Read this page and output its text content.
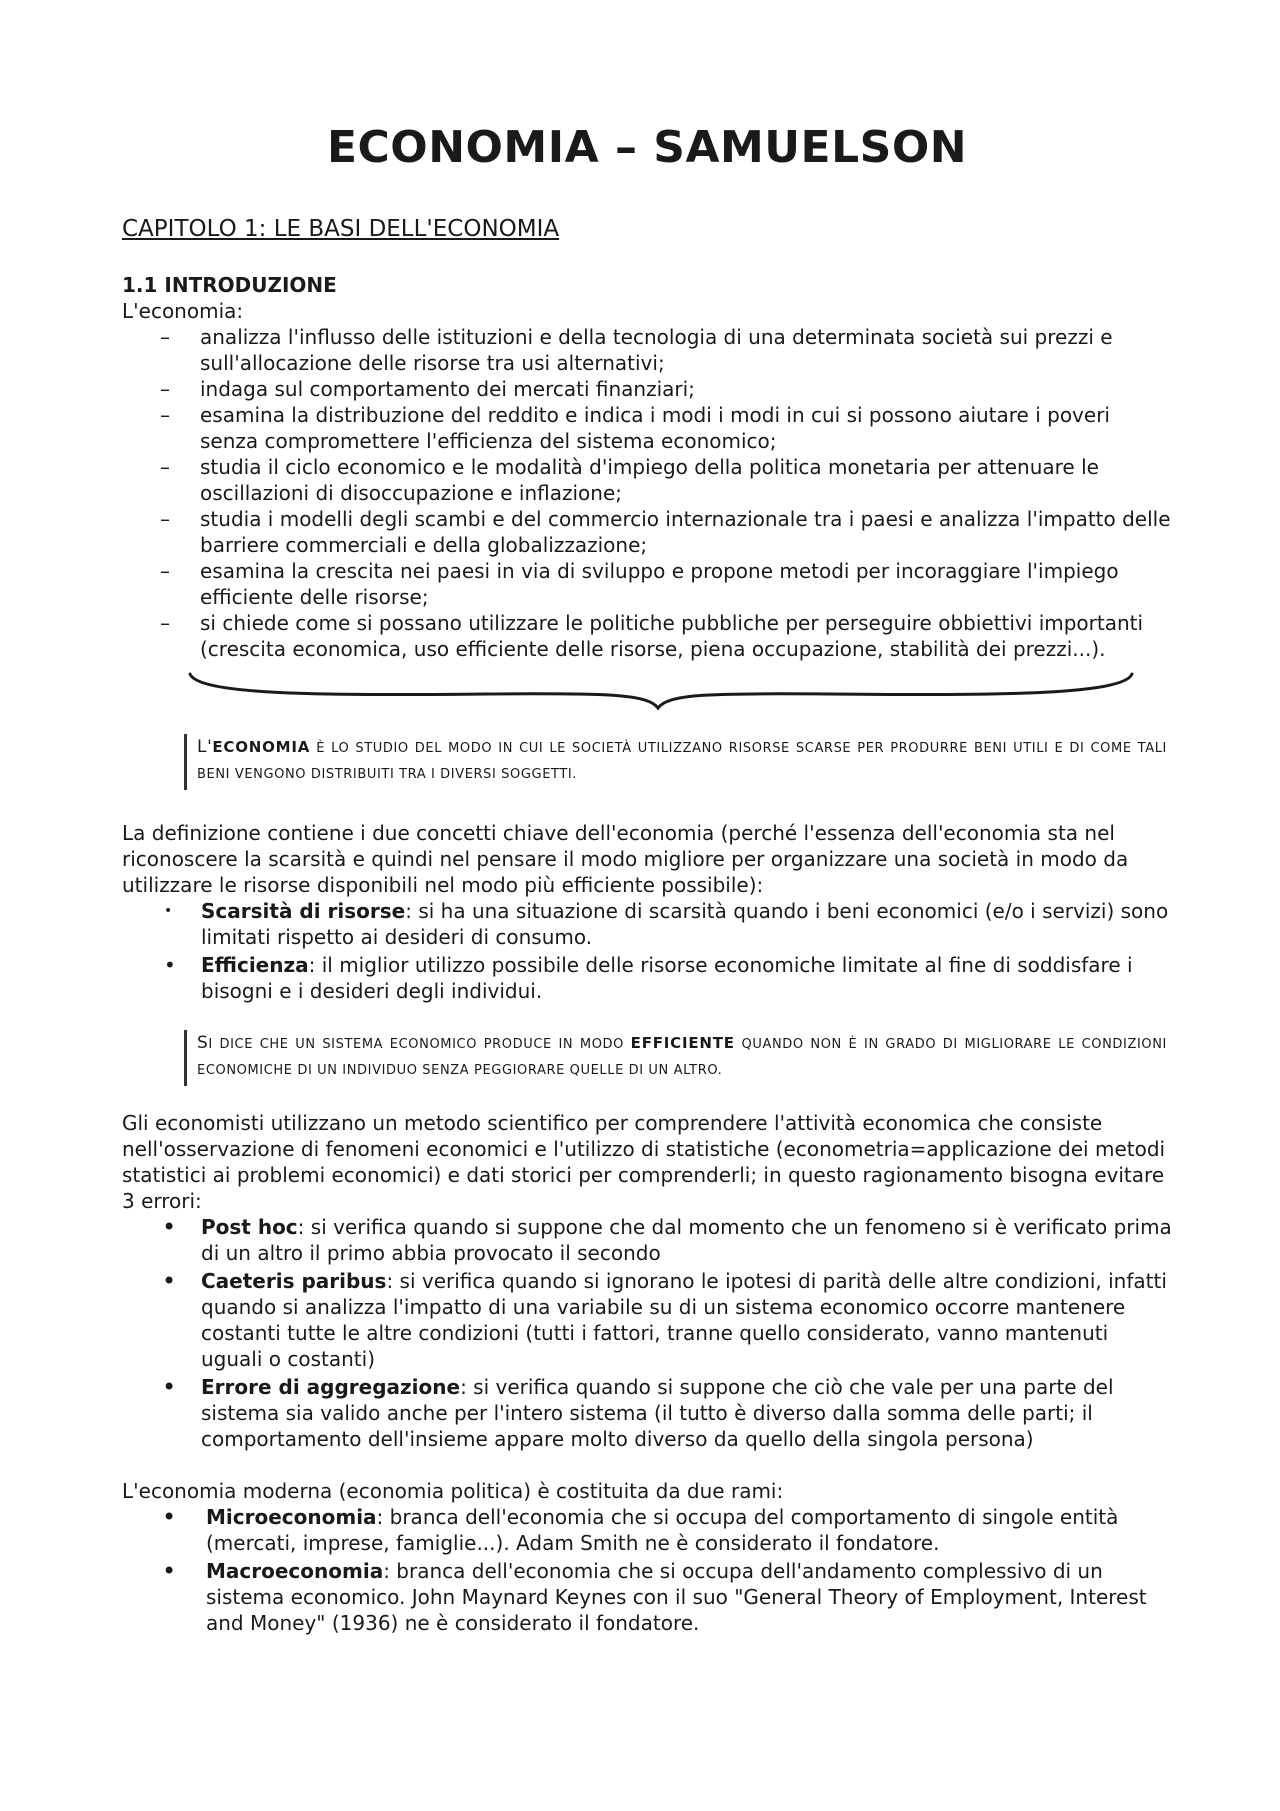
ECONOMIA – SAMUELSON
CAPITOLO 1: LE BASI DELL'ECONOMIA
1.1 INTRODUZIONE

L'economia:

– analizza l'influsso delle istituzioni e della tecnologia di una determinata società sui prezzi e sull'allocazione delle risorse tra usi alternativi;
– indaga sul comportamento dei mercati finanziari;
– esamina la distribuzione del reddito e indica i modi i modi in cui si possono aiutare i poveri senza compromettere l'efficienza del sistema economico;
– studia il ciclo economico e le modalità d'impiego della politica monetaria per attenuare le oscillazioni di disoccupazione e inflazione;
– studia i modelli degli scambi e del commercio internazionale tra i paesi e analizza l'impatto delle barriere commerciali e della globalizzazione;
– esamina la crescita nei paesi in via di sviluppo e propone metodi per incoraggiare l'impiego efficiente delle risorse;
– si chiede come si possano utilizzare le politiche pubbliche per perseguire obbiettivi importanti (crescita economica, uso efficiente delle risorse, piena occupazione, stabilità dei prezzi...).
L'ECONOMIA È LO STUDIO DEL MODO IN CUI LE SOCIETÀ UTILIZZANO RISORSE SCARSE PER PRODURRE BENI UTILI E DI COME TALI BENI VENGONO DISTRIBUITI TRA I DIVERSI SOGGETTI.

La definizione contiene i due concetti chiave dell'economia (perché l'essenza dell'economia sta nel riconoscere la scarsità e quindi nel pensare il modo migliore per organizzare una società in modo da utilizzare le risorse disponibili nel modo più efficiente possibile):

• Scarsità di risorse: si ha una situazione di scarsità quando i beni economici (e/o i servizi) sono limitati rispetto ai desideri di consumo.
• Efficienza: il miglior utilizzo possibile delle risorse economiche limitate al fine di soddisfare i bisogni e i desideri degli individui.
SI DICE CHE UN SISTEMA ECONOMICO PRODUCE IN MODO EFFICIENTE QUANDO NON È IN GRADO DI MIGLIORARE LE CONDIZIONI ECONOMICHE DI UN INDIVIDUO SENZA PEGGIORARE QUELLE DI UN ALTRO.

Gli economisti utilizzano un metodo scientifico per comprendere l'attività economica che consiste nell'osservazione di fenomeni economici e l'utilizzo di statistiche (econometria=applicazione dei metodi statistici ai problemi economici) e dati storici per comprenderli; in questo ragionamento bisogna evitare 3 errori:

• Post hoc: si verifica quando si suppone che dal momento che un fenomeno si è verificato prima di un altro il primo abbia provocato il secondo
• Caeteris paribus: si verifica quando si ignorano le ipotesi di parità delle altre condizioni, infatti quando si analizza l'impatto di una variabile su di un sistema economico occorre mantenere costanti tutte le altre condizioni (tutti i fattori, tranne quello considerato, vanno mantenuti uguali o costanti)
• Errore di aggregazione: si verifica quando si suppone che ciò che vale per una parte del sistema sia valido anche per l'intero sistema (il tutto è diverso dalla somma delle parti; il comportamento dell'insieme appare molto diverso da quello della singola persona)

L'economia moderna (economia politica) è costituita da due rami:

• Microeconomia: branca dell'economia che si occupa del comportamento di singole entità (mercati, imprese, famiglie...). Adam Smith ne è considerato il fondatore.
• Macroeconomia: branca dell'economia che si occupa dell'andamento complessivo di un sistema economico. John Maynard Keynes con il suo "General Theory of Employment, Interest and Money" (1936) ne è considerato il fondatore.
